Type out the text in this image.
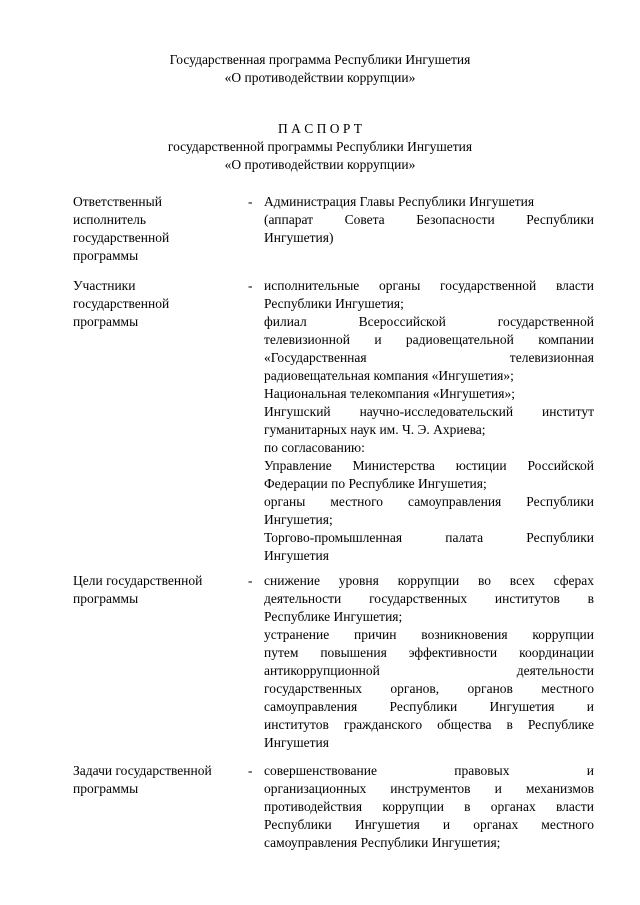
Государственная программа Республики Ингушетия
«О противодействии коррупции»
П А С П О Р Т
государственной программы Республики Ингушетия
«О противодействии коррупции»
Ответственный
исполнитель
государственной
программы
- Администрация Главы Республики Ингушетия
(аппарат Совета Безопасности Республики
Ингушетия)
Участники
государственной
программы
- исполнительные органы государственной власти
Республики Ингушетия;
филиал Всероссийской государственной
телевизионной и радиовещательной компании
«Государственная телевизионная
радиовещательная компания «Ингушетия»;
Национальная телекомпания «Ингушетия»;
Ингушский научно-исследовательский институт
гуманитарных наук им. Ч. Э. Ахриева;
по согласованию:
Управление Министерства юстиции Российской
Федерации по Республике Ингушетия;
органы местного самоуправления Республики
Ингушетия;
Торгово-промышленная палата Республики
Ингушетия
Цели государственной
программы
- снижение уровня коррупции во всех сферах
деятельности государственных институтов в
Республике Ингушетия;
устранение причин возникновения коррупции
путем повышения эффективности координации
антикоррупционной деятельности
государственных органов, органов местного
самоуправления Республики Ингушетия и
институтов гражданского общества в Республике
Ингушетия
Задачи государственной
программы
- совершенствование правовых и
организационных инструментов и механизмов
противодействия коррупции в органах власти
Республики Ингушетия и органах местного
самоуправления Республики Ингушетия;
